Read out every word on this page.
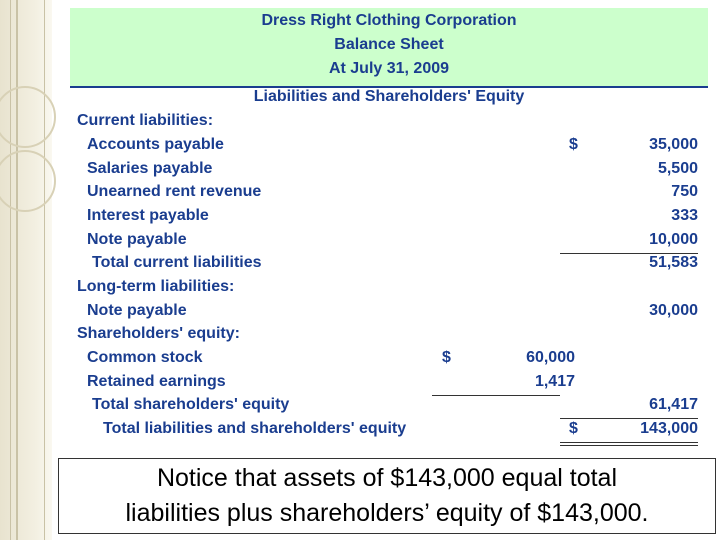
Dress Right Clothing Corporation
Balance Sheet
At July 31, 2009
Liabilities and Shareholders' Equity
Current liabilities:
Accounts payable	$	35,000
Salaries payable	5,500
Unearned rent revenue	750
Interest payable	333
Note payable	10,000
Total current liabilities	51,583
Long-term liabilities:
Note payable	30,000
Shareholders' equity:
Common stock	$	60,000
Retained earnings	1,417
Total shareholders' equity	61,417
Total liabilities and shareholders' equity	$	143,000
Notice that assets of $143,000 equal total
liabilities plus shareholders’ equity of $143,000.
